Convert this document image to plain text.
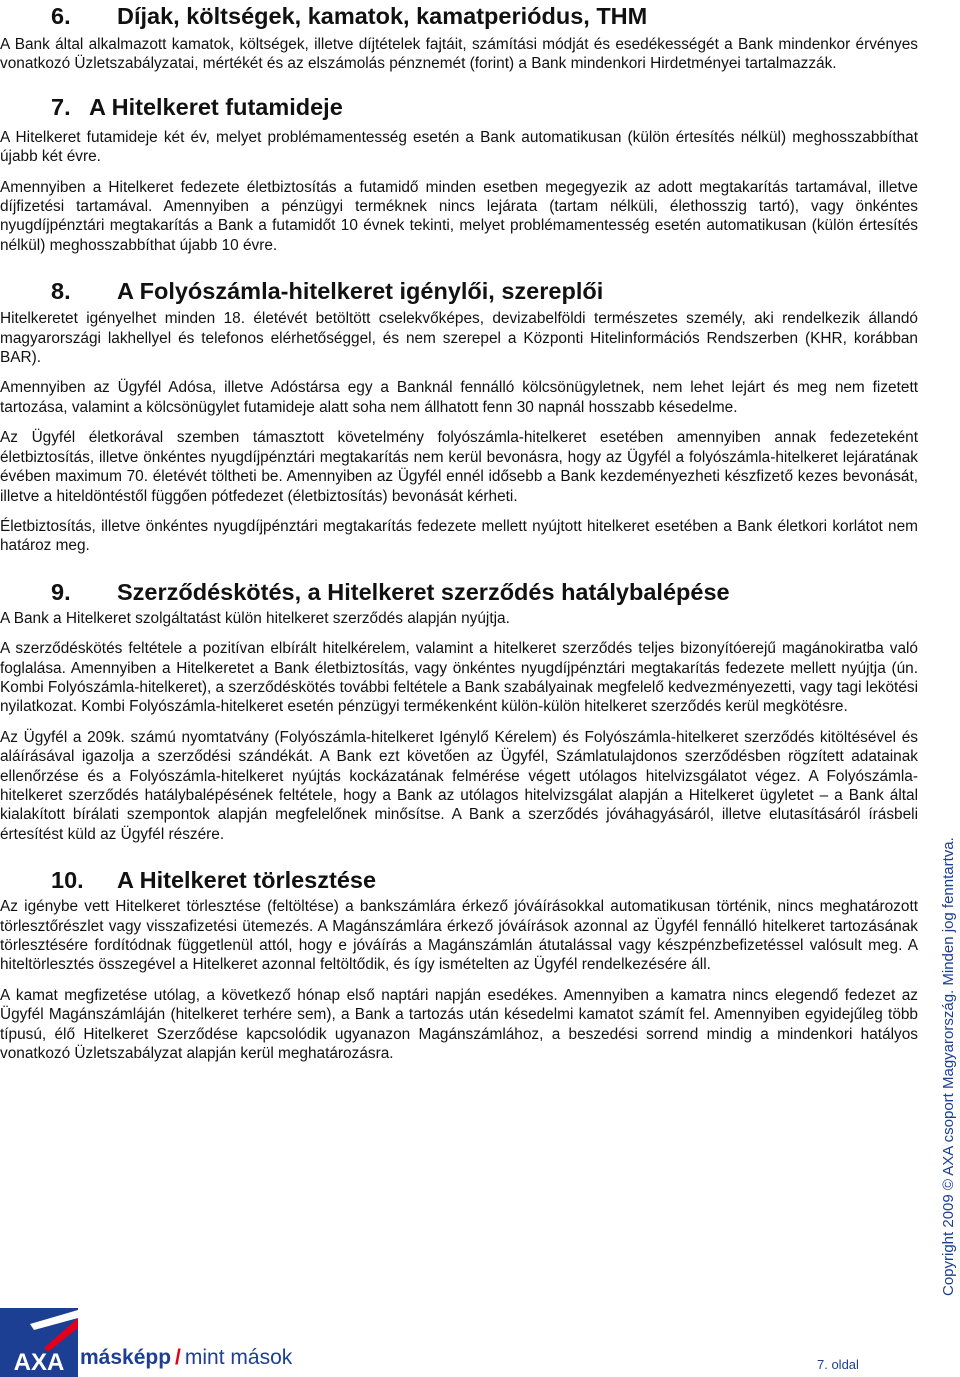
6. Díjak, költségek, kamatok, kamatperiódus, THM

A Bank által alkalmazott kamatok, költségek, illetve díjtételek fajtáit, számítási módját és esedékességét a Bank mindenkor érvényes vonatkozó Üzletszabályzatai, mértékét és az elszámolás pénznemét (forint) a Bank mindenkori Hirdetményei tartalmazzák.

7. A Hitelkeret futamideje

A Hitelkeret futamideje két év, melyet problémamentesség esetén a Bank automatikusan (külön értesítés nélkül) meghosszabbíthat újabb két évre.

Amennyiben a Hitelkeret fedezete életbiztosítás a futamidő minden esetben megegyezik az adott megtakarítás tartamával, illetve díjfizetési tartamával. Amennyiben a pénzügyi terméknek nincs lejárata (tartam nélküli, élethosszig tartó), vagy önkéntes nyugdíjpénztári megtakarítás a Bank a futamidőt 10 évnek tekinti, melyet problémamentesség esetén automatikusan (külön értesítés nélkül) meghosszabbíthat újabb 10 évre.

8. A Folyószámla-hitelkeret igénylői, szereplői

Hitelkeretet igényelhet minden 18. életévét betöltött cselekvőképes, devizabelföldi természetes személy, aki rendelkezik állandó magyarországi lakhellyel és telefonos elérhetőséggel, és nem szerepel a Központi Hitelinformációs Rendszerben (KHR, korábban BAR).

Amennyiben az Ügyfél Adósa, illetve Adóstársa egy a Banknál fennálló kölcsönügyletnek, nem lehet lejárt és meg nem fizetett tartozása, valamint a kölcsönügylet futamideje alatt soha nem állhatott fenn 30 napnál hosszabb késedelme.

Az Ügyfél életkorával szemben támasztott követelmény folyószámla-hitelkeret esetében amennyiben annak fedezeteként életbiztosítás, illetve önkéntes nyugdíjpénztári megtakarítás nem kerül bevonásra, hogy az Ügyfél a folyószámla-hitelkeret lejáratának évében maximum 70. életévét töltheti be. Amennyiben az Ügyfél ennél idősebb a Bank kezdeményezheti készfizető kezes bevonását, illetve a hiteldöntéstől függően pótfedezet (életbiztosítás) bevonását kérheti.

Életbiztosítás, illetve önkéntes nyugdíjpénztári megtakarítás fedezete mellett nyújtott hitelkeret esetében a Bank életkori korlátot nem határoz meg.

9. Szerződéskötés, a Hitelkeret szerződés hatálybalépése

A Bank a Hitelkeret szolgáltatást külön hitelkeret szerződés alapján nyújtja.

A szerződéskötés feltétele a pozitívan elbírált hitelkérelem, valamint a hitelkeret szerződés teljes bizonyítóerejű magánokiratba való foglalása. Amennyiben a Hitelkeretet a Bank életbiztosítás, vagy önkéntes nyugdíjpénztári megtakarítás fedezete mellett nyújtja (ún. Kombi Folyószámla-hitelkeret), a szerződéskötés további feltétele a Bank szabályainak megfelelő kedvezményezetti, vagy tagi lekötési nyilatkozat. Kombi Folyószámla-hitelkeret esetén pénzügyi termékenként külön-külön hitelkeret szerződés kerül megkötésre.

Az Ügyfél a 209k. számú nyomtatvány (Folyószámla-hitelkeret Igénylő Kérelem) és Folyószámla-hitelkeret szerződés kitöltésével és aláírásával igazolja a szerződési szándékát. A Bank ezt követően az Ügyfél, Számlatulajdonos szerződésben rögzített adatainak ellenőrzése és a Folyószámla-hitelkeret nyújtás kockázatának felmérése végett utólagos hitelvizsgálatot végez. A Folyószámla-hitelkeret szerződés hatálybalépésének feltétele, hogy a Bank az utólagos hitelvizsgálat alapján a Hitelkeret ügyletet – a Bank által kialakított bírálati szempontok alapján megfelelőnek minősítse. A Bank a szerződés jóváhagyásáról, illetve elutasításáról írásbeli értesítést küld az Ügyfél részére.

10. A Hitelkeret törlesztése

Az igénybe vett Hitelkeret törlesztése (feltöltése) a bankszámlára érkező jóváírásokkal automatikusan történik, nincs meghatározott törlesztőrészlet vagy visszafizetési ütemezés. A Magánszámlára érkező jóváírások azonnal az Ügyfél fennálló hitelkeret tartozásának törlesztésére fordítódnak függetlenül attól, hogy e jóváírás a Magánszámlán átutalással vagy készpénzbefizetéssel valósult meg. A hiteltörlesztés összegével a Hitelkeret azonnal feltöltődik, és így ismételten az Ügyfél rendelkezésére áll.

A kamat megfizetése utólag, a következő hónap első naptári napján esedékes. Amennyiben a kamatra nincs elegendő fedezet az Ügyfél Magánszámláján (hitelkeret terhére sem), a Bank a tartozás után késedelmi kamatot számít fel. Amennyiben egyidejűleg több típusú, élő Hitelkeret Szerződése kapcsolódik ugyanazon Magánszámlához, a beszedési sorrend mindig a mindenkori hatályos vonatkozó Üzletszabályzat alapján kerül meghatározásra.	Copyright 2009 © AXA csoport Magyarország. Minden jog fenntartva.
AXA másképp / mint mások	7. oldal
